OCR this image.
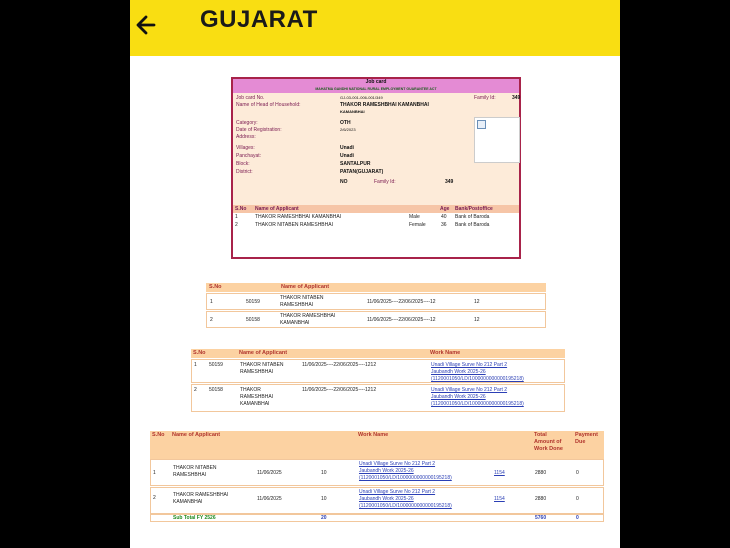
GUJARAT
Job card
MAHATMA GANDHI NATIONAL RURAL EMPLOYMENT GUARANTEE ACT
Job card No.	GJ-03-001-006-001/349	Family Id:	349
Name of Head of Household:	THAKOR RAMESHBHAI KAMANBHAI
KAMANBHAI
Category:	OTH
Date of Registration:	2/6/2023
Address:
Villages:	Unadi
Panchayat:	Unadi
Block:	SANTALPUR
District:	PATAN(GUJARAT)
NO	Family Id:	349
S.No Name of Applicant	Age Bank/Postoffice
1	THAKOR RAMESHBHAI KAMANBHAI	Male	40 Bank of Baroda
2	THAKOR NITABEN RAMESHBHAI	Female	36 Bank of Baroda
S.No	Name of Applicant
1	50159
THAKOR NITABEN
RAMESHBHAI	11/06/2025----22/06/2025----12	12
2	50158
THAKOR RAMESHBHAI
KAMANBHAI	11/06/2025----22/06/2025----12	12
S.No	Name of Applicant	Work Name
1 50159	THAKOR NITABEN
RAMESHBHAI
11/06/2025----22/06/2025----1212	Unadi Village Surve No 212 Part 2
Jaubandh Work 2025-26
(1120001050/LD/1000000000000195218)
2 50158	THAKOR
RAMESHBHAI
KAMANBHAI
11/06/2025----22/06/2025----1212	Unadi Village Surve No 212 Part 2
Jaubandh Work 2025-26
(1120001050/LD/1000000000000195218)
S.No Name of Applicant	Work Name	Total
Amount of
Work Done
Payment
Due
1
THAKOR NITABEN
RAMESHBHAI	11/06/2025	10
Unadi Village Surve No 212 Part 2
Jaubandh Work 2025-26
(1120001050/LD/1000000000000195218)
1154	2880	0
2	THAKOR RAMESHBHAI
KAMANBHAI	11/06/2025	10
Unadi Village Surve No 212 Part 2
Jaubandh Work 2025-26
(1120001050/LD/1000000000000195218)
1154	2880	0
Sub Total FY 2526	20	5760	0
